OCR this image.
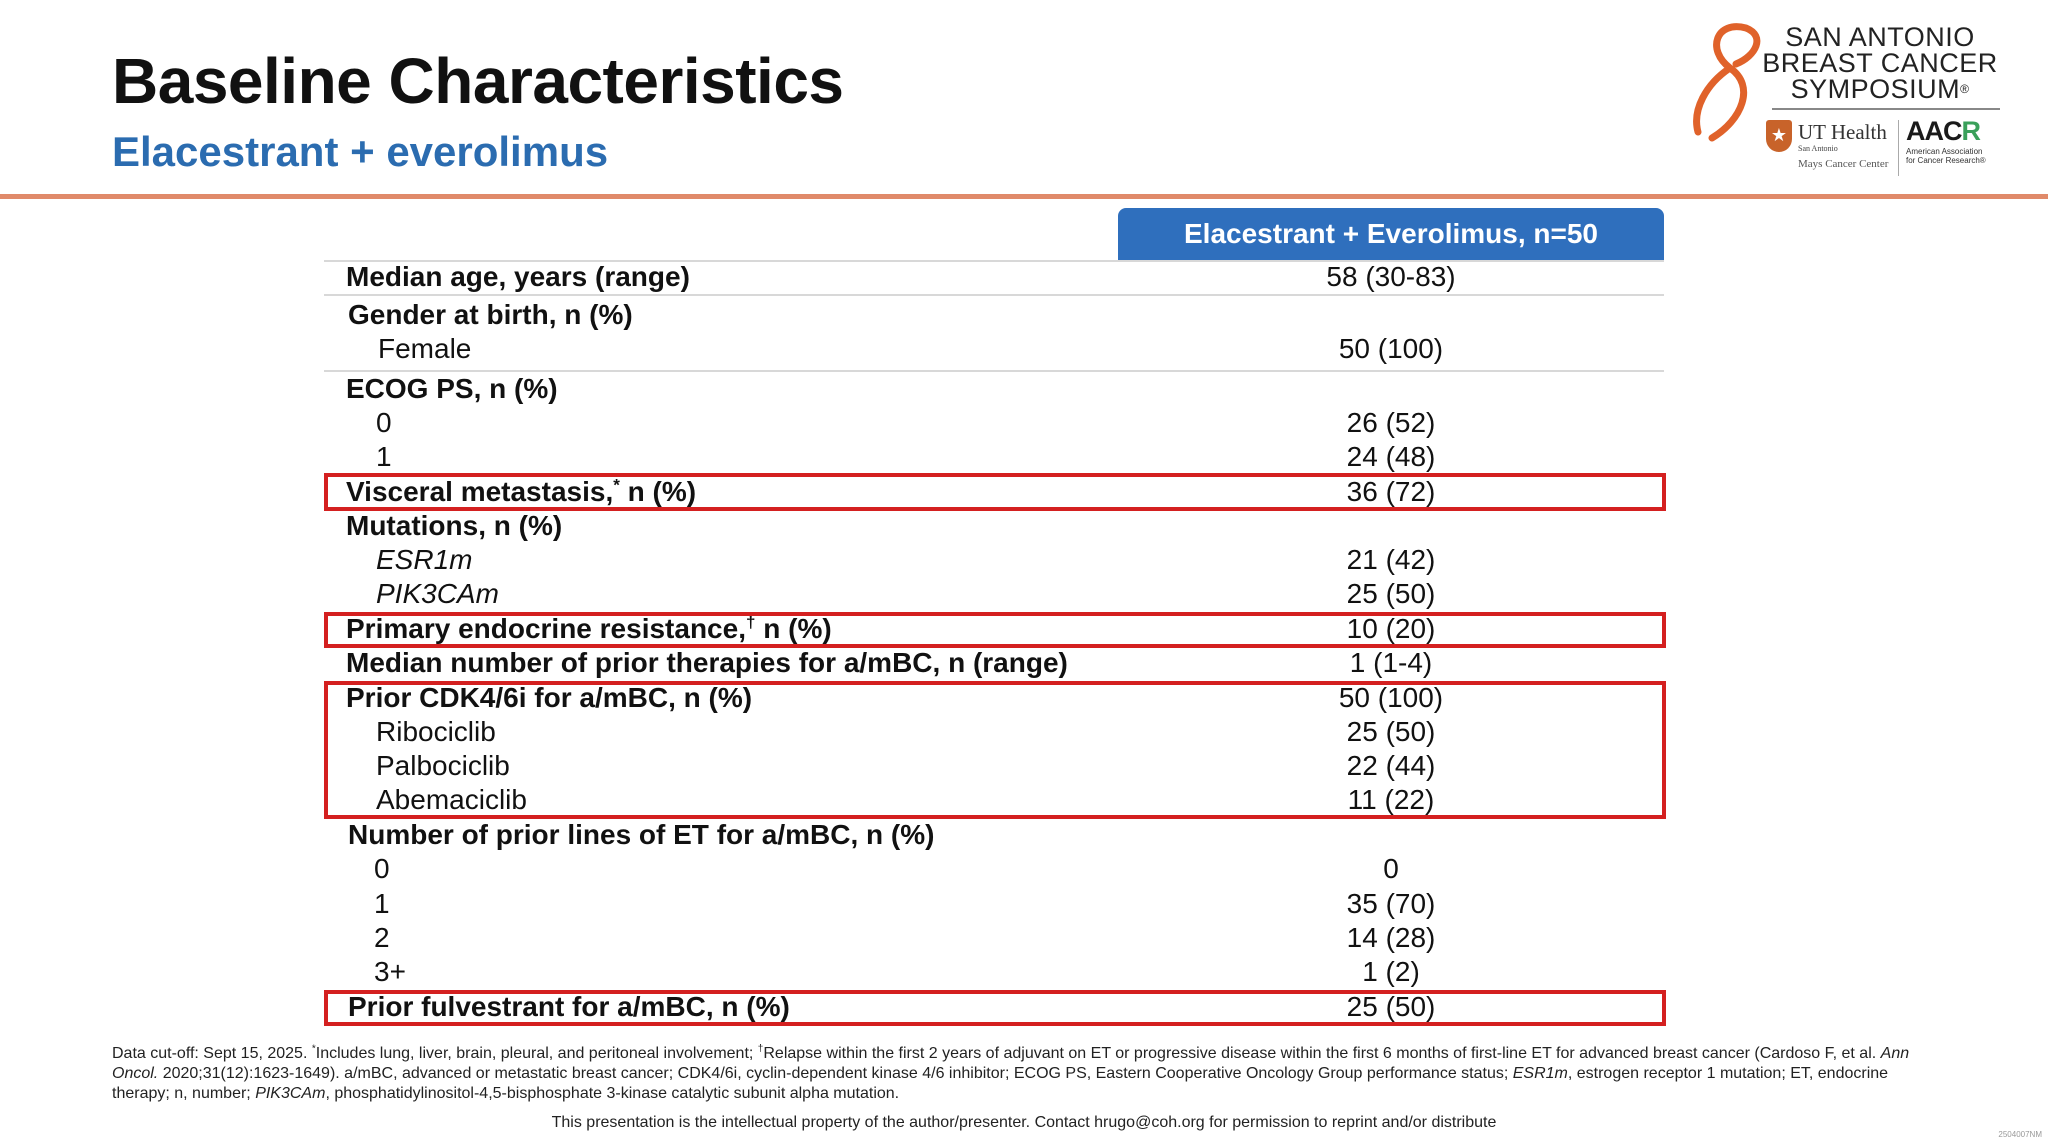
Baseline Characteristics
Elacestrant + everolimus
SAN ANTONIO
BREAST CANCER
SYMPOSIUM®
★ UT Health
San Antonio
Mays Cancer Center
AACR
American Association
for Cancer Research®
Elacestrant + Everolimus, n=50
Median age, years (range)	58 (30-83)
Gender at birth, n (%)
Female	50 (100)
ECOG PS, n (%)
0	26 (52)
1	24 (48)
Visceral metastasis,* n (%)	36 (72)
Mutations, n (%)
ESR1m	21 (42)
PIK3CAm	25 (50)
Primary endocrine resistance,† n (%)	10 (20)
Median number of prior therapies for a/mBC, n (range)	1 (1-4)
Prior CDK4/6i for a/mBC, n (%)	50 (100)
Ribociclib	25 (50)
Palbociclib	22 (44)
Abemaciclib	11 (22)
Number of prior lines of ET for a/mBC, n (%)
0	0
1	35 (70)
2	14 (28)
3+	1 (2)
Prior fulvestrant for a/mBC, n (%)	25 (50)
Data cut-off: Sept 15, 2025. *Includes lung, liver, brain, pleural, and peritoneal involvement; †Relapse within the first 2 years of adjuvant on ET or progressive disease within the first 6 months of first-line ET for advanced breast cancer (Cardoso F, et al. Ann Oncol. 2020;31(12):1623-1649). a/mBC, advanced or metastatic breast cancer; CDK4/6i, cyclin-dependent kinase 4/6 inhibitor; ECOG PS, Eastern Cooperative Oncology Group performance status; ESR1m, estrogen receptor 1 mutation; ET, endocrine therapy; n, number; PIK3CAm, phosphatidylinositol-4,5-bisphosphate 3-kinase catalytic subunit alpha mutation.
This presentation is the intellectual property of the author/presenter. Contact hrugo@coh.org for permission to reprint and/or distribute
2504007NM
